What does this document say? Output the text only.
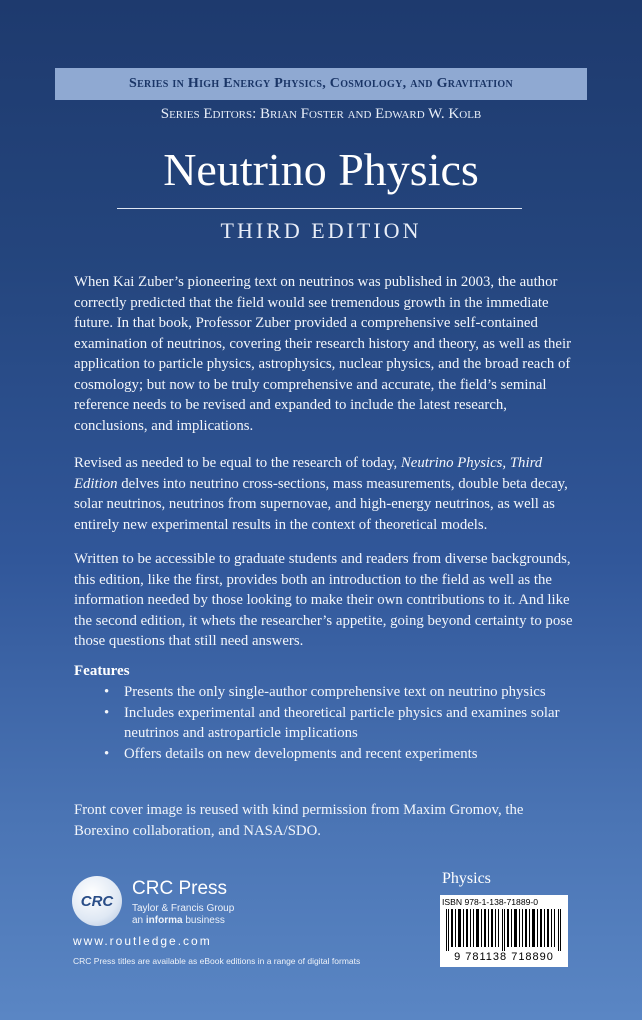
Series in High Energy Physics, Cosmology, and Gravitation
Series Editors: Brian Foster and Edward W. Kolb
Neutrino Physics
THIRD EDITION
When Kai Zuber’s pioneering text on neutrinos was published in 2003, the author correctly predicted that the field would see tremendous growth in the immediate future. In that book, Professor Zuber provided a comprehensive self-contained examination of neutrinos, covering their research history and theory, as well as their application to particle physics, astrophysics, nuclear physics, and the broad reach of cosmology; but now to be truly comprehensive and accurate, the field’s seminal reference needs to be revised and expanded to include the latest research, conclusions, and implications.
Revised as needed to be equal to the research of today, Neutrino Physics, Third Edition delves into neutrino cross-sections, mass measurements, double beta decay, solar neutrinos, neutrinos from supernovae, and high-energy neutrinos, as well as entirely new experimental results in the context of theoretical models.
Written to be accessible to graduate students and readers from diverse backgrounds, this edition, like the first, provides both an introduction to the field as well as the information needed by those looking to make their own contributions to it. And like the second edition, it whets the researcher’s appetite, going beyond certainty to pose those questions that still need answers.
Features
• Presents the only single-author comprehensive text on neutrino physics
• Includes experimental and theoretical particle physics and examines solar neutrinos and astroparticle implications
• Offers details on new developments and recent experiments
Front cover image is reused with kind permission from Maxim Gromov, the Borexino collaboration, and NASA/SDO.
CRC
CRC Press
Taylor & Francis Group
an informa business
www.routledge.com
CRC Press titles are available as eBook editions in a range of digital formats
Physics
ISBN 978-1-138-71889-0
9 781138 718890
